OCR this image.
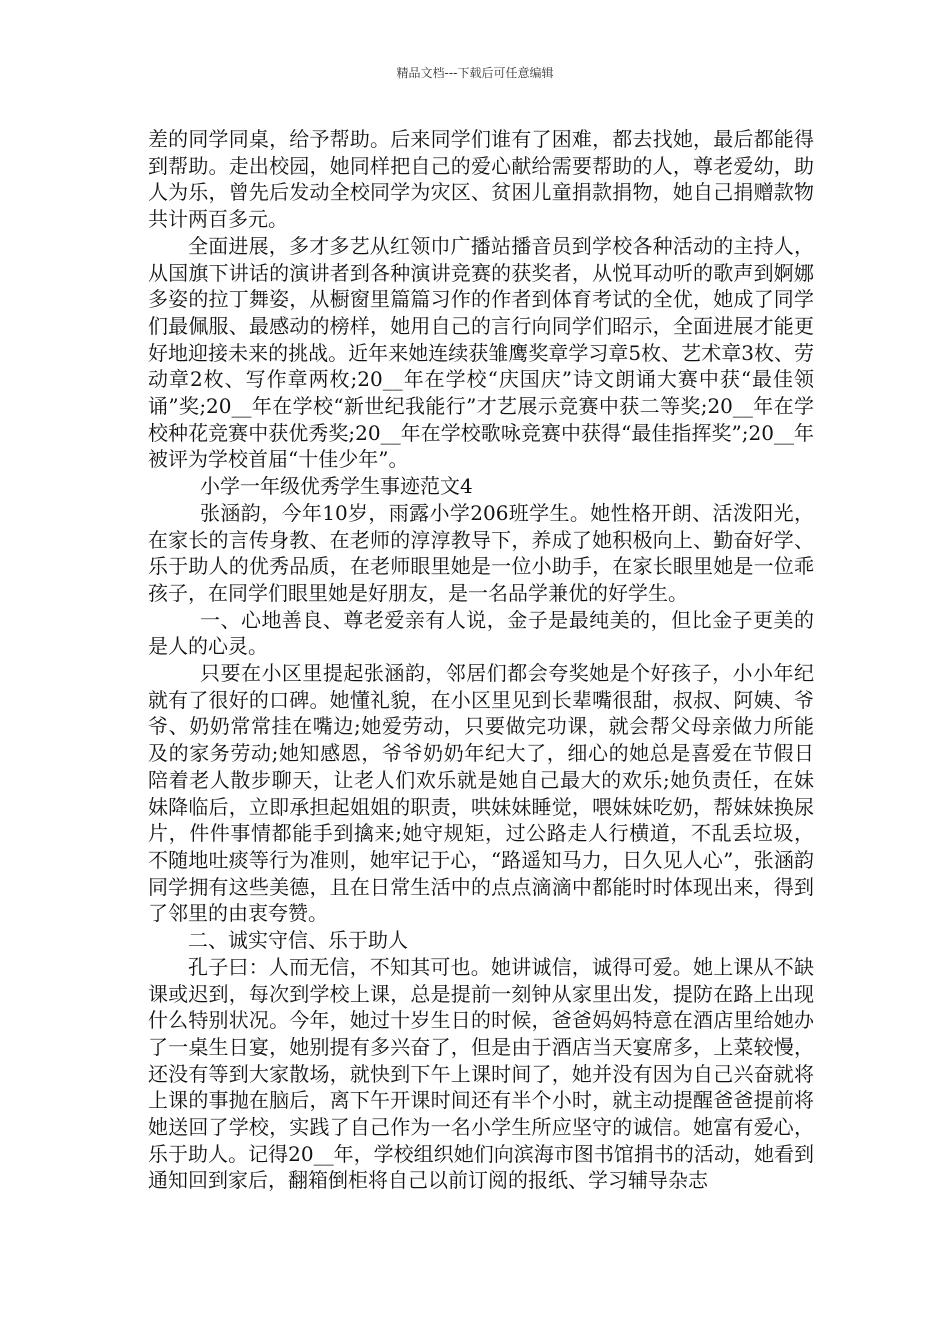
精品文档---下载后可任意编辑

差的同学同桌，给予帮助。后来同学们谁有了困难，都去找她，最后都能得到帮助。走出校园，她同样把自己的爱心献给需要帮助的人，尊老爱幼，助人为乐，曾先后发动全校同学为灾区、贫困儿童捐款捐物，她自己捐赠款物共计两百多元。

全面进展，多才多艺从红领巾广播站播音员到学校各种活动的主持人，从国旗下讲话的演讲者到各种演讲竞赛的获奖者，从悦耳动听的歌声到婀娜多姿的拉丁舞姿，从橱窗里篇篇习作的作者到体育考试的全优，她成了同学们最佩服、最感动的榜样，她用自己的言行向同学们昭示，全面进展才能更好地迎接未来的挑战。近年来她连续获雏鹰奖章学习章5枚、艺术章3枚、劳动章2枚、写作章两枚;20__年在学校“庆国庆”诗文朗诵大赛中获“最佳领诵”奖;20__年在学校“新世纪我能行”才艺展示竞赛中获二等奖;20__年在学校种花竞赛中获优秀奖;20__年在学校歌咏竞赛中获得“最佳指挥奖”;20__年被评为学校首届“十佳少年”。

小学一年级优秀学生事迹范文4

张涵韵，今年10岁，雨露小学206班学生。她性格开朗、活泼阳光，在家长的言传身教、在老师的淳淳教导下，养成了她积极向上、勤奋好学、乐于助人的优秀品质，在老师眼里她是一位小助手，在家长眼里她是一位乖孩子，在同学们眼里她是好朋友，是一名品学兼优的好学生。

一、心地善良、尊老爱亲有人说，金子是最纯美的，但比金子更美的是人的心灵。

只要在小区里提起张涵韵，邻居们都会夸奖她是个好孩子，小小年纪就有了很好的口碑。她懂礼貌，在小区里见到长辈嘴很甜，叔叔、阿姨、爷爷、奶奶常常挂在嘴边;她爱劳动，只要做完功课，就会帮父母亲做力所能及的家务劳动;她知感恩，爷爷奶奶年纪大了，细心的她总是喜爱在节假日陪着老人散步聊天，让老人们欢乐就是她自己最大的欢乐;她负责任，在妹妹降临后，立即承担起姐姐的职责，哄妹妹睡觉，喂妹妹吃奶，帮妹妹换尿片，件件事情都能手到擒来;她守规矩，过公路走人行横道，不乱丢垃圾，不随地吐痰等行为准则，她牢记于心，“路遥知马力，日久见人心”，张涵韵同学拥有这些美德，且在日常生活中的点点滴滴中都能时时体现出来，得到了邻里的由衷夸赞。

二、诚实守信、乐于助人

孔子曰：人而无信，不知其可也。她讲诚信，诚得可爱。她上课从不缺课或迟到，每次到学校上课，总是提前一刻钟从家里出发，提防在路上出现什么特别状况。今年，她过十岁生日的时候，爸爸妈妈特意在酒店里给她办了一桌生日宴，她别提有多兴奋了，但是由于酒店当天宴席多，上菜较慢，还没有等到大家散场，就快到下午上课时间了，她并没有因为自己兴奋就将上课的事抛在脑后，离下午开课时间还有半个小时，就主动提醒爸爸提前将她送回了学校，实践了自己作为一名小学生所应坚守的诚信。她富有爱心，乐于助人。记得20__年，学校组织她们向滨海市图书馆捐书的活动，她看到通知回到家后，翻箱倒柜将自己以前订阅的报纸、学习辅导杂志
